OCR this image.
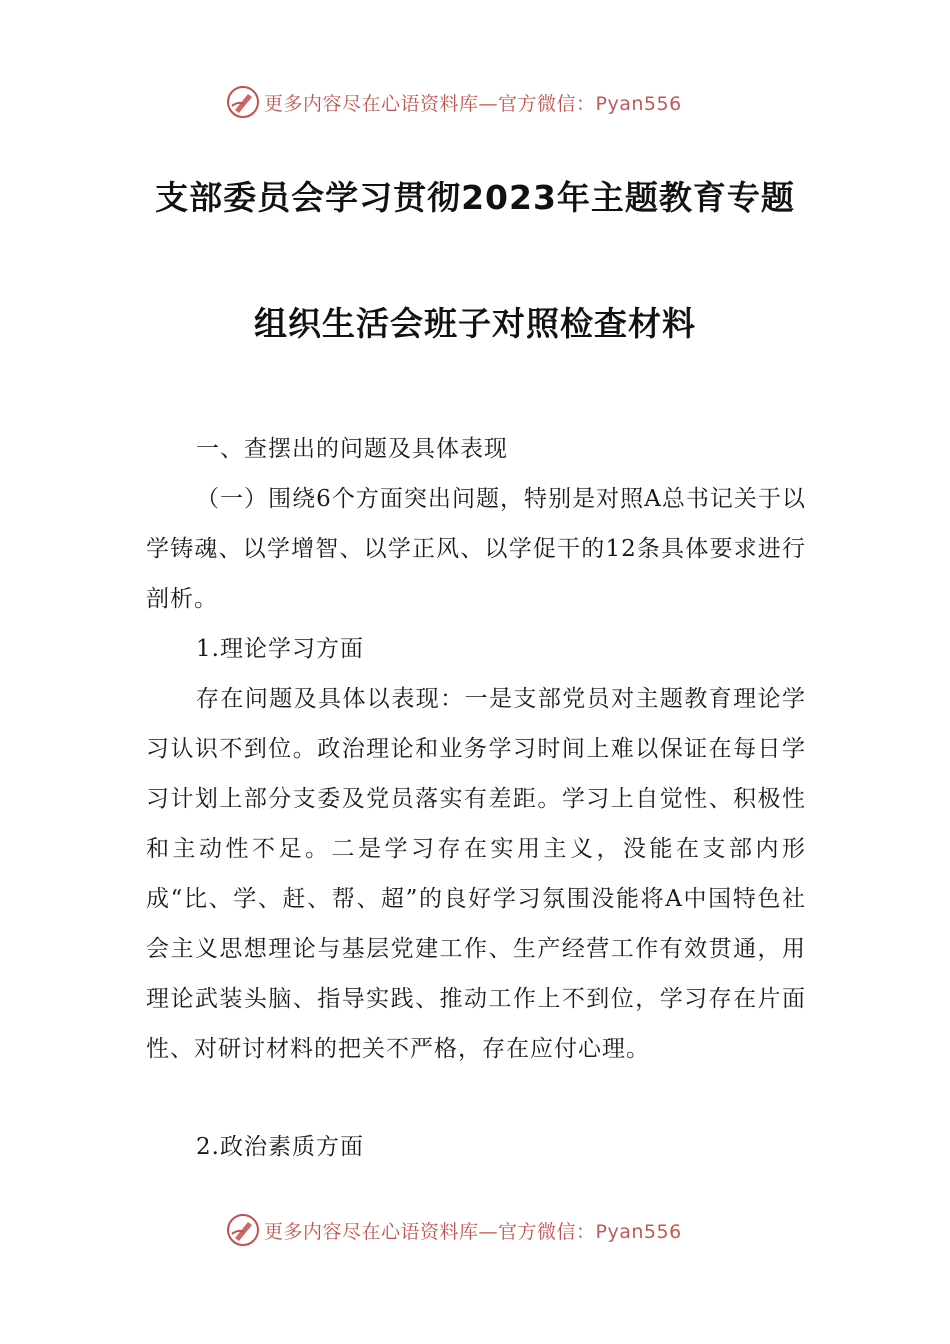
更多内容尽在心语资料库—官方微信：Pyan556
支部委员会学习贯彻2023年主题教育专题
组织生活会班子对照检查材料

一、查摆出的问题及具体表现

（一）围绕6个方面突出问题，特别是对照A总书记关于以学铸魂、以学增智、以学正风、以学促干的12条具体要求进行剖析。

1.理论学习方面

存在问题及具体以表现：一是支部党员对主题教育理论学习认识不到位。政治理论和业务学习时间上难以保证在每日学习计划上部分支委及党员落实有差距。学习上自觉性、积极性和主动性不足。二是学习存在实用主义，没能在支部内形成“比、学、赶、帮、超”的良好学习氛围没能将A中国特色社会主义思想理论与基层党建工作、生产经营工作有效贯通，用理论武装头脑、指导实践、推动工作上不到位，学习存在片面性、对研讨材料的把关不严格，存在应付心理。

2.政治素质方面

更多内容尽在心语资料库—官方微信：Pyan556
